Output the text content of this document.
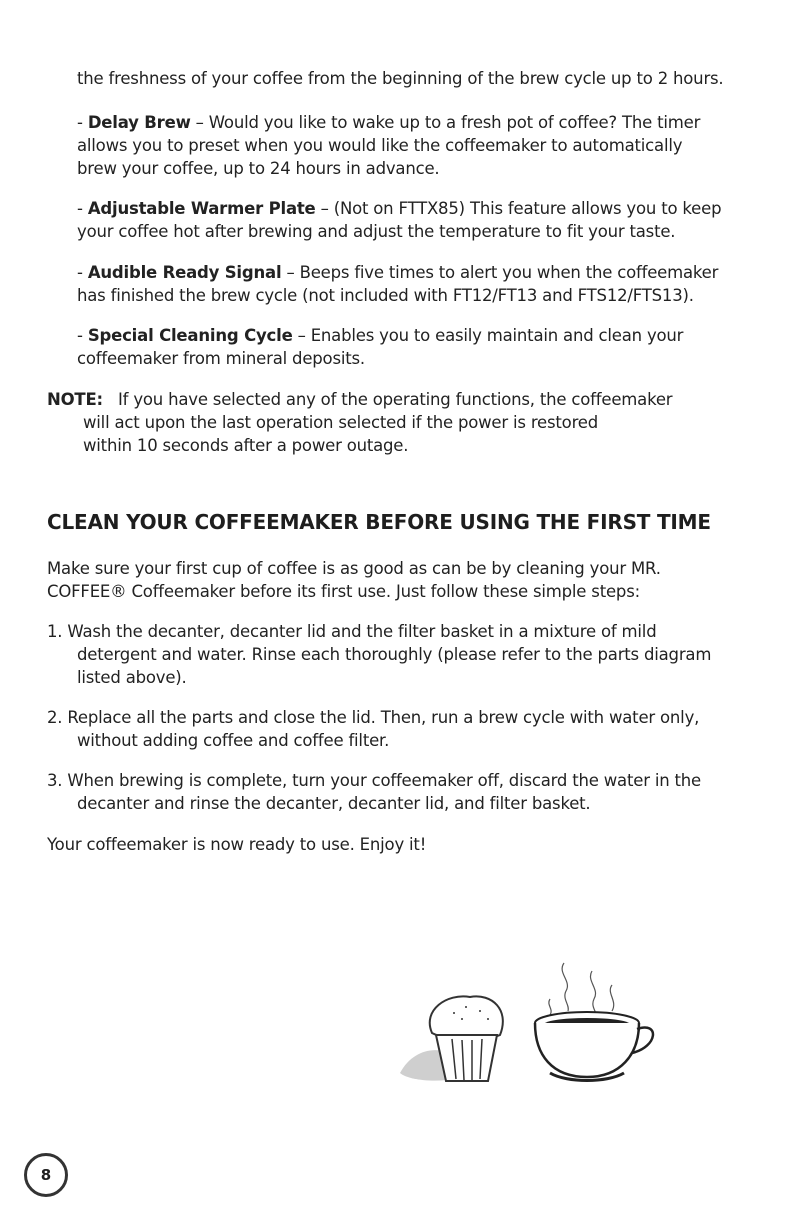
the freshness of your coffee from the beginning of the brew cycle up to 2 hours.

- Delay Brew – Would you like to wake up to a fresh pot of coffee? The timer

allows you to preset when you would like the coffeemaker to automatically

brew your coffee, up to 24 hours in advance.

- Adjustable Warmer Plate – (Not on FTTX85) This feature allows you to keep

your coffee hot after brewing and adjust the temperature to fit your taste.

- Audible Ready Signal – Beeps five times to alert you when the coffeemaker

has finished the brew cycle (not included with FT12/FT13 and FTS12/FTS13).

- Special Cleaning Cycle – Enables you to easily maintain and clean your

coffeemaker from mineral deposits.

NOTE: If you have selected any of the operating functions, the coffeemaker

will act upon the last operation selected if the power is restored

within 10 seconds after a power outage.

CLEAN YOUR COFFEEMAKER BEFORE USING THE FIRST TIME

Make sure your first cup of coffee is as good as can be by cleaning your MR.

COFFEE® Coffeemaker before its first use. Just follow these simple steps:

1. Wash the decanter, decanter lid and the filter basket in a mixture of mild

detergent and water. Rinse each thoroughly (please refer to the parts diagram

listed above).

2. Replace all the parts and close the lid. Then, run a brew cycle with water only,

without adding coffee and coffee filter.

3. When brewing is complete, turn your coffeemaker off, discard the water in the

decanter and rinse the decanter, decanter lid, and filter basket.

Your coffeemaker is now ready to use. Enjoy it!

8
